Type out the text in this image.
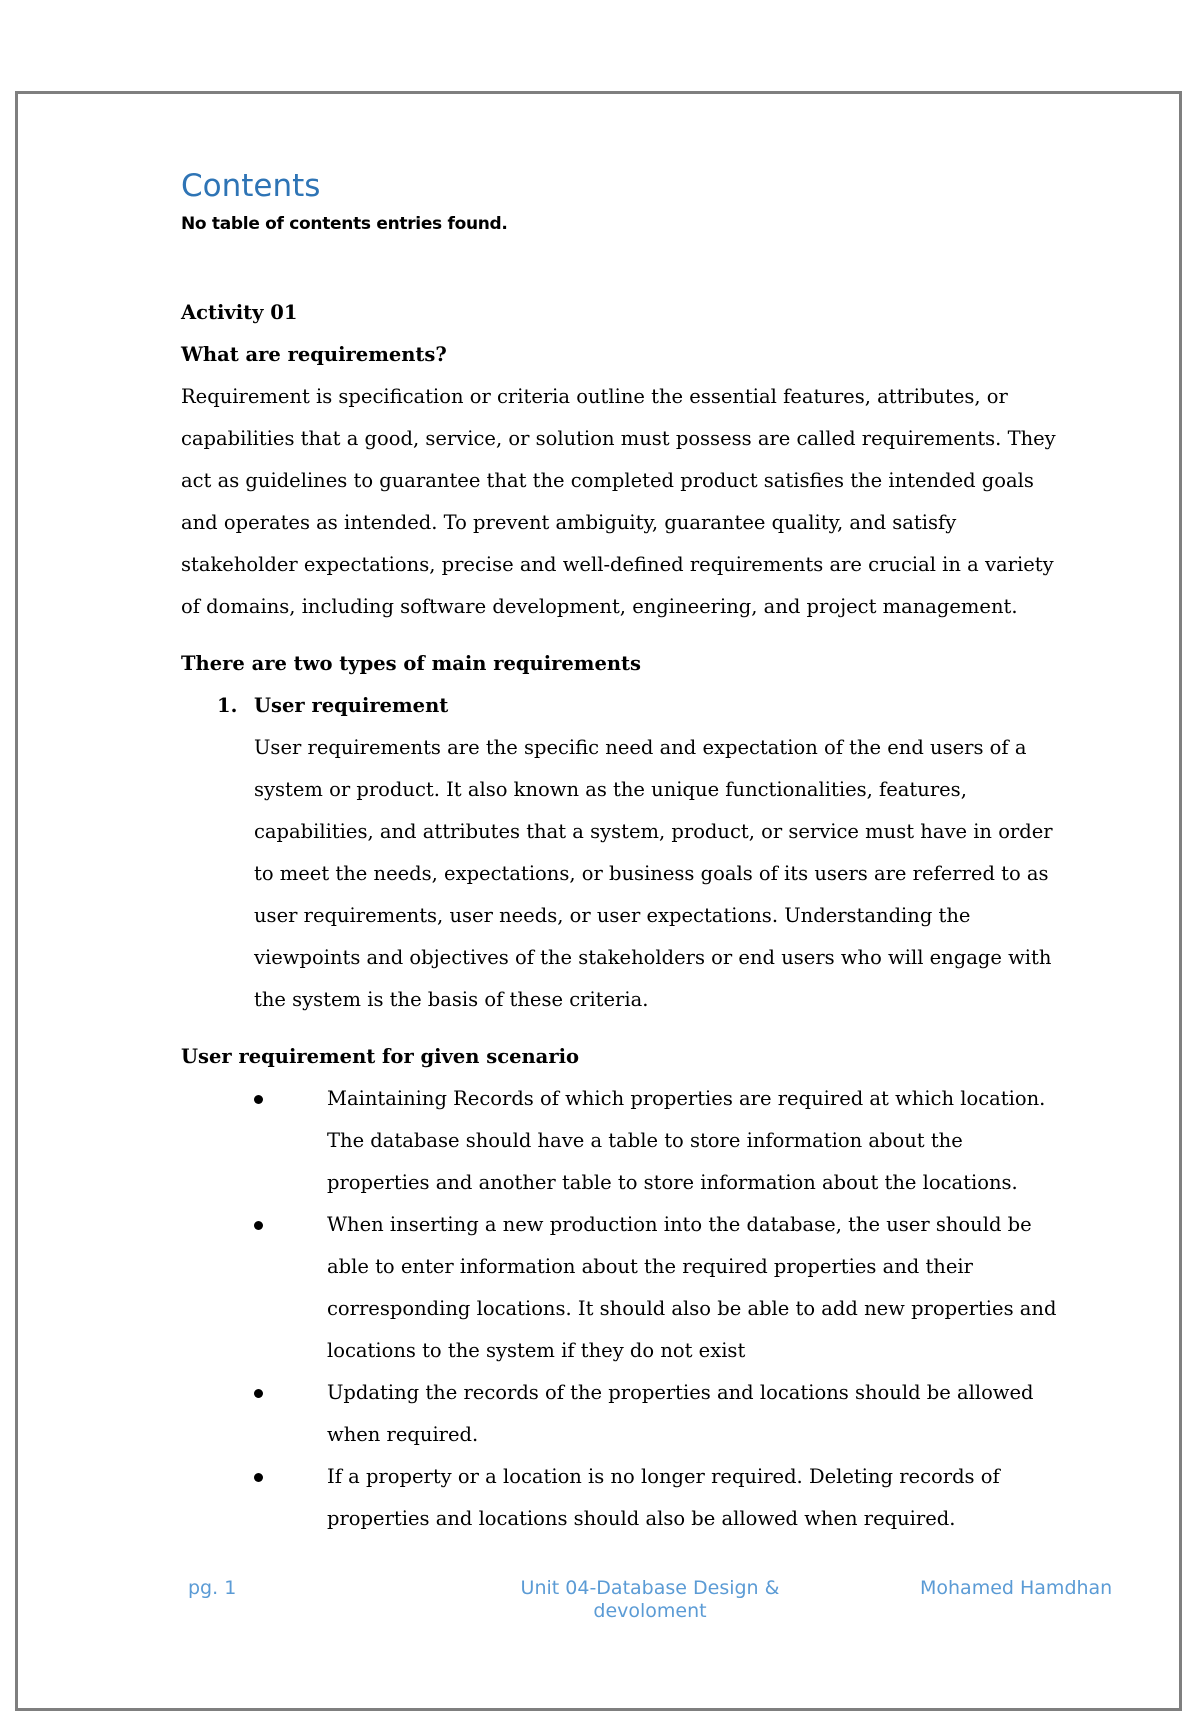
Contents
No table of contents entries found.
Activity 01
What are requirements?

Requirement is specification or criteria outline the essential features, attributes, or capabilities that a good, service, or solution must possess are called requirements. They act as guidelines to guarantee that the completed product satisfies the intended goals and operates as intended. To prevent ambiguity, guarantee quality, and satisfy stakeholder expectations, precise and well-defined requirements are crucial in a variety of domains, including software development, engineering, and project management.

There are two types of main requirements
1. User requirement

User requirements are the specific need and expectation of the end users of a system or product. It also known as the unique functionalities, features, capabilities, and attributes that a system, product, or service must have in order to meet the needs, expectations, or business goals of its users are referred to as user requirements, user needs, or user expectations. Understanding the viewpoints and objectives of the stakeholders or end users who will engage with the system is the basis of these criteria.

User requirement for given scenario
Maintaining Records of which properties are required at which location. The database should have a table to store information about the properties and another table to store information about the locations.
When inserting a new production into the database, the user should be able to enter information about the required properties and their corresponding locations. It should also be able to add new properties and locations to the system if they do not exist
Updating the records of the properties and locations should be allowed when required.
If a property or a location is no longer required. Deleting records of properties and locations should also be allowed when required.
pg. 1	Unit 04-Database Design &
devoloment
Mohamed Hamdhan
